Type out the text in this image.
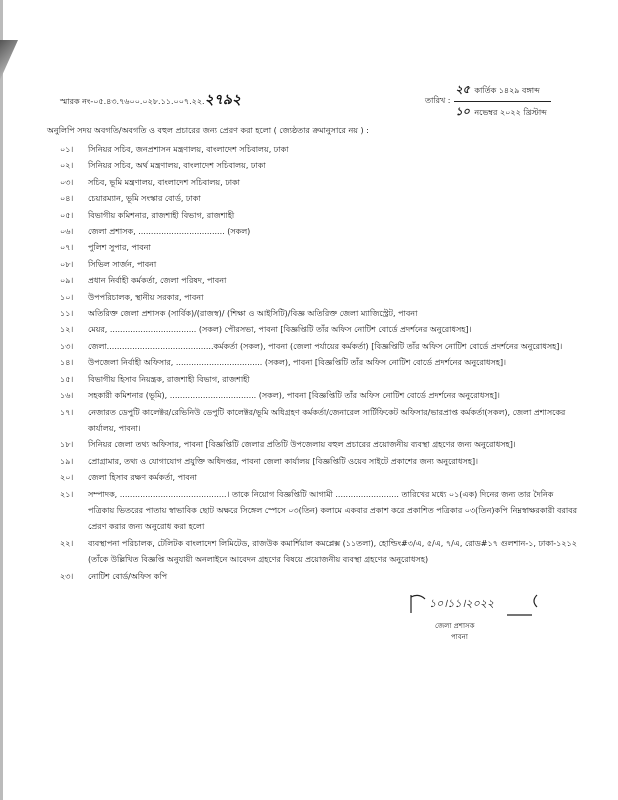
স্মারক নং-০৫.৪৩.৭৬০০.০২৮.১১.০০৭.২২.২৭৯২	তারিখ : $\frac{\text{২৫ কার্তিক ১৪২৯ বঙ্গাব্দ}}{\text{১০ নভেম্বর ২০২২ খ্রিস্টাব্দ}}$
অনুলিপি সদয় অবগতি/অবগতি ও বহুল প্রচারের জন্য প্রেরণ করা হলো ( জ্যেষ্ঠতার ক্রমানুসারে নয় ) :
০১।	সিনিয়র সচিব, জনপ্রশাসন মন্ত্রণালয়, বাংলাদেশ সচিবালয়, ঢাকা
০২।	সিনিয়র সচিব, অর্থ মন্ত্রণালয়, বাংলাদেশ সচিবালয়, ঢাকা
০৩।	সচিব, ভূমি মন্ত্রণালয়, বাংলাদেশ সচিবালয়, ঢাকা
০৪।	চেয়ারম্যান, ভূমি সংস্কার বোর্ড, ঢাকা
০৫।	বিভাগীয় কমিশনার, রাজশাহী বিভাগ, রাজশাহী
০৬।	জেলা প্রশাসক, .................................. (সকল)
০৭।	পুলিশ সুপার, পাবনা
০৮।	সিভিল সার্জন, পাবনা
০৯।	প্রধান নির্বাহী কর্মকর্তা, জেলা পরিষদ, পাবনা
১০।	উপপরিচালক, স্থানীয় সরকার, পাবনা
১১।	অতিরিক্ত জেলা প্রশাসক (সার্বিক)/(রাজস্ব)/ (শিক্ষা ও আইসিটি)/বিজ্ঞ অতিরিক্ত জেলা ম্যাজিস্ট্রেট, পাবনা
১২।	মেয়র, .................................. (সকল) পৌরসভা, পাবনা [বিজ্ঞপ্তিটি তাঁর অফিস নোটিশ বোর্ডে প্রদর্শনের অনুরোধসহ]।
১৩।	জেলা..........................................কর্মকর্তা (সকল), পাবনা (জেলা পর্যায়ের কর্মকর্তা) [বিজ্ঞপ্তিটি তাঁর অফিস নোটিশ বোর্ডে প্রদর্শনের অনুরোধসহ]।
১৪।	উপজেলা নির্বাহী অফিসার, .................................. (সকল), পাবনা [বিজ্ঞপ্তিটি তাঁর অফিস নোটিশ বোর্ডে প্রদর্শনের অনুরোধসহ]।
১৫।	বিভাগীয় হিসাব নিয়ন্ত্রক, রাজশাহী বিভাগ, রাজশাহী
১৬।	সহকারী কমিশনার (ভূমি), .................................. (সকল), পাবনা [বিজ্ঞপ্তিটি তাঁর অফিস নোটিশ বোর্ডে প্রদর্শনের অনুরোধসহ]।
১৭।	নেজারত ডেপুটি কালেক্টর/রেভিনিউ ডেপুটি কালেক্টর/ভূমি অধিগ্রহণ কর্মকর্তা/জেনারেল সার্টিফিকেট অফিসার/ভারপ্রাপ্ত কর্মকর্তা(সকল), জেলা প্রশাসকের কার্যালয়, পাবনা।
১৮।	সিনিয়র জেলা তথ্য অফিসার, পাবনা [বিজ্ঞপ্তিটি জেলার প্রতিটি উপজেলায় বহুল প্রচারের প্রয়োজনীয় ব্যবস্থা গ্রহণের জন্য অনুরোধসহ]।
১৯।	প্রোগ্রামার, তথ্য ও যোগাযোগ প্রযুক্তি অধিদপ্তর, পাবনা জেলা কার্যালয় [বিজ্ঞপ্তিটি ওয়েব সাইটে প্রকাশের জন্য অনুরোধসহ]।
২০।	জেলা হিসাব রক্ষণ কর্মকর্তা, পাবনা
২১।	সম্পাদক, ..........................................। তাকে নিয়োগ বিজ্ঞপ্তিটি আগামী ......................... তারিখের মধ্যে ০১(এক) দিনের জন্য তার দৈনিক পত্রিকায় ভিতরের পাতায় স্বাভাবিক ছোট অক্ষরে সিঙ্গেল স্পেসে ০৩(তিন) কলামে একবার প্রকাশ করে প্রকাশিত পত্রিকার ০৩(তিন)কপি নিম্নস্বাক্ষরকারী বরাবর প্রেরণ করার জন্য অনুরোধ করা হলো
২২।	ব্যবস্থাপনা পরিচালক, টেলিটক বাংলাদেশ লিমিটেড, রাজউক কমার্শিয়াল কমপ্লেক্স (১১তলা), হোল্ডিং#৩/এ, ৫/এ, ৭/এ, রোড#১৭ গুলশান-১, ঢাকা-১২১২ (তাঁকে উল্লিখিত বিজ্ঞপ্তি অনুযায়ী অনলাইনে আবেদন গ্রহণের বিষয়ে প্রয়োজনীয় ব্যবস্থা গ্রহণের অনুরোধসহ)
২৩।	নোটিশ বোর্ড/অফিস কপি
১০।১১।২০২২
জেলা প্রশাসক
পাবনা
